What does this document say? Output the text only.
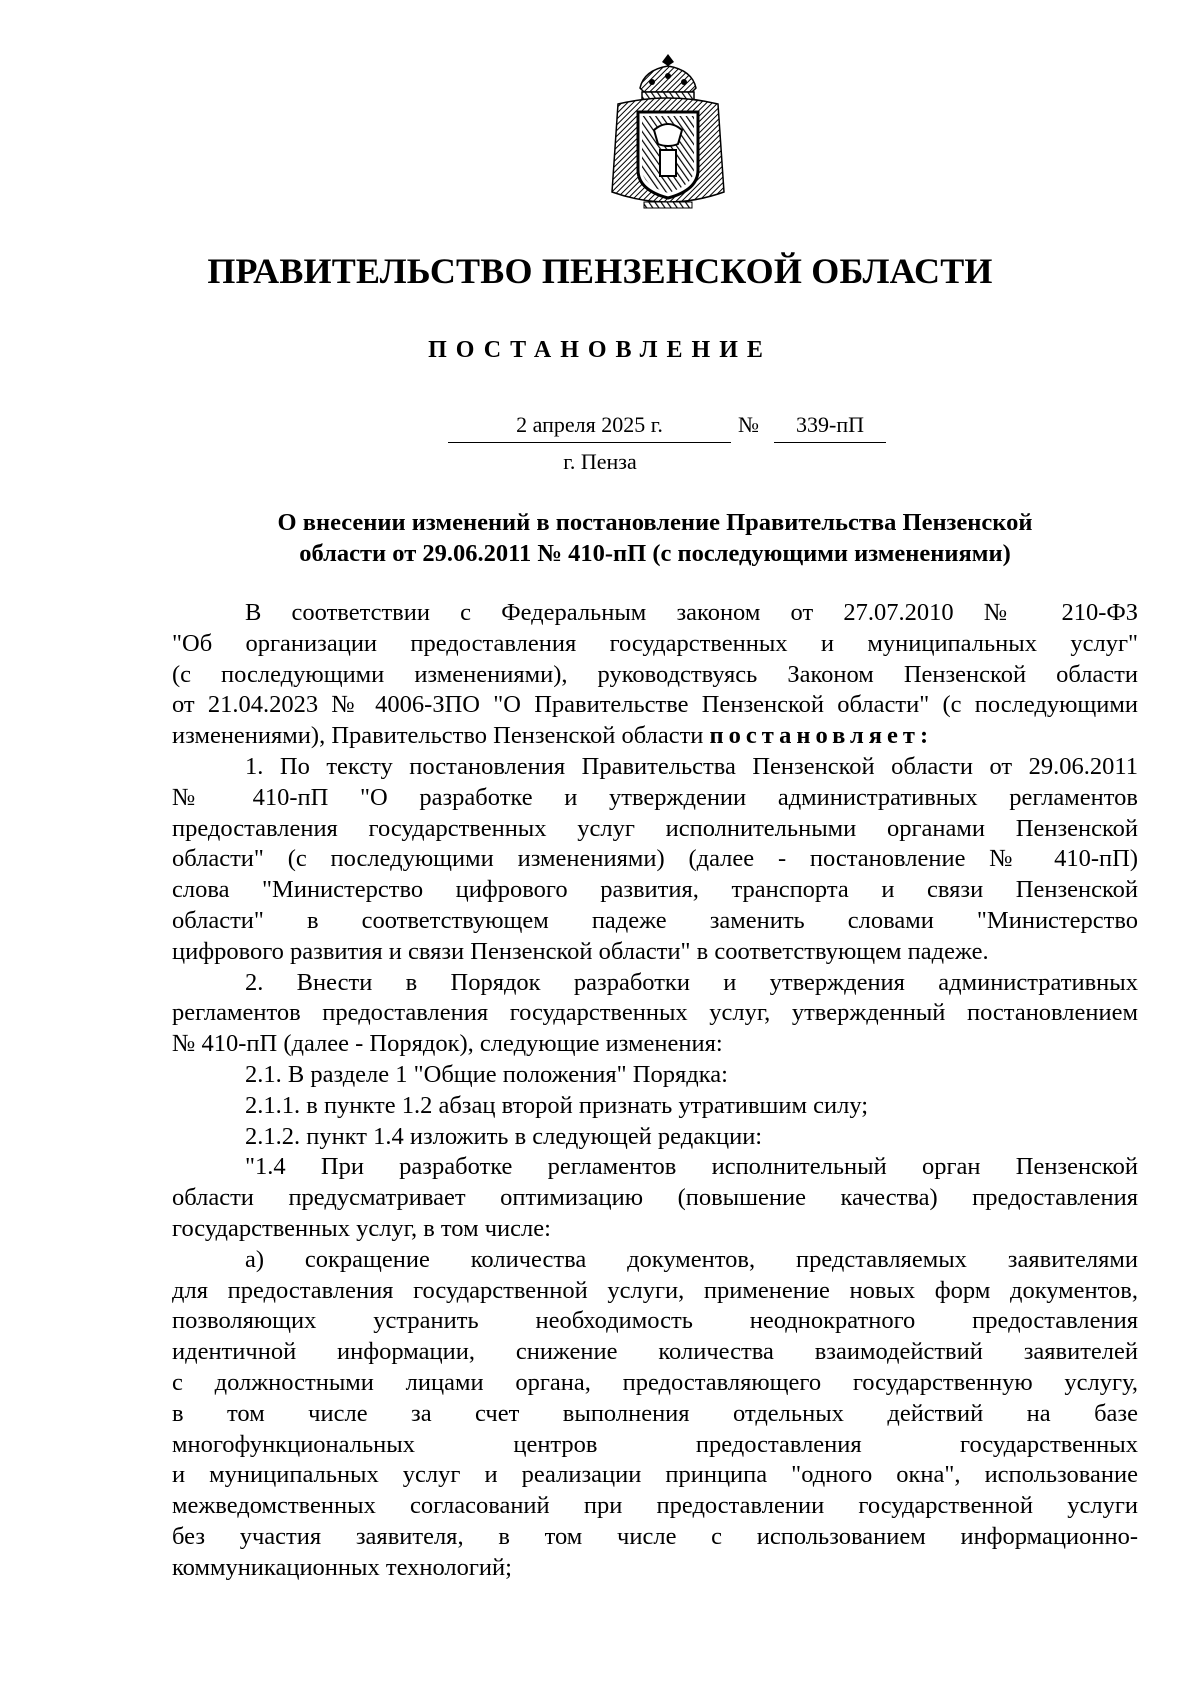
ПРАВИТЕЛЬСТВО ПЕНЗЕНСКОЙ ОБЛАСТИ
ПОСТАНОВЛЕНИЕ
2 апреля 2025 г.	№	339-пП
г. Пенза
О внесении изменений в постановление Правительства Пензенской
области от 29.06.2011 № 410-пП (с последующими изменениями)
В соответствии с Федеральным законом от 27.07.2010 № 210-ФЗ
"Об организации предоставления государственных и муниципальных услуг"
(с последующими изменениями), руководствуясь Законом Пензенской области
от 21.04.2023 № 4006-ЗПО "О Правительстве Пензенской области" (с последующими
изменениями), Правительство Пензенской области постановляет:
1. По тексту постановления Правительства Пензенской области от 29.06.2011
№ 410-пП "О разработке и утверждении административных регламентов
предоставления государственных услуг исполнительными органами Пензенской
области" (с последующими изменениями) (далее - постановление № 410-пП)
слова "Министерство цифрового развития, транспорта и связи Пензенской
области" в соответствующем падеже заменить словами "Министерство
цифрового развития и связи Пензенской области" в соответствующем падеже.
2. Внести в Порядок разработки и утверждения административных
регламентов предоставления государственных услуг, утвержденный постановлением
№ 410-пП (далее - Порядок), следующие изменения:
2.1. В разделе 1 "Общие положения" Порядка:
2.1.1. в пункте 1.2 абзац второй признать утратившим силу;
2.1.2. пункт 1.4 изложить в следующей редакции:
"1.4 При разработке регламентов исполнительный орган Пензенской
области предусматривает оптимизацию (повышение качества) предоставления
государственных услуг, в том числе:
а) сокращение количества документов, представляемых заявителями
для предоставления государственной услуги, применение новых форм документов,
позволяющих устранить необходимость неоднократного предоставления
идентичной информации, снижение количества взаимодействий заявителей
с должностными лицами органа, предоставляющего государственную услугу,
в том числе за счет выполнения отдельных действий на базе
многофункциональных центров предоставления государственных
и муниципальных услуг и реализации принципа "одного окна", использование
межведомственных согласований при предоставлении государственной услуги
без участия заявителя, в том числе с использованием информационно-
коммуникационных технологий;
